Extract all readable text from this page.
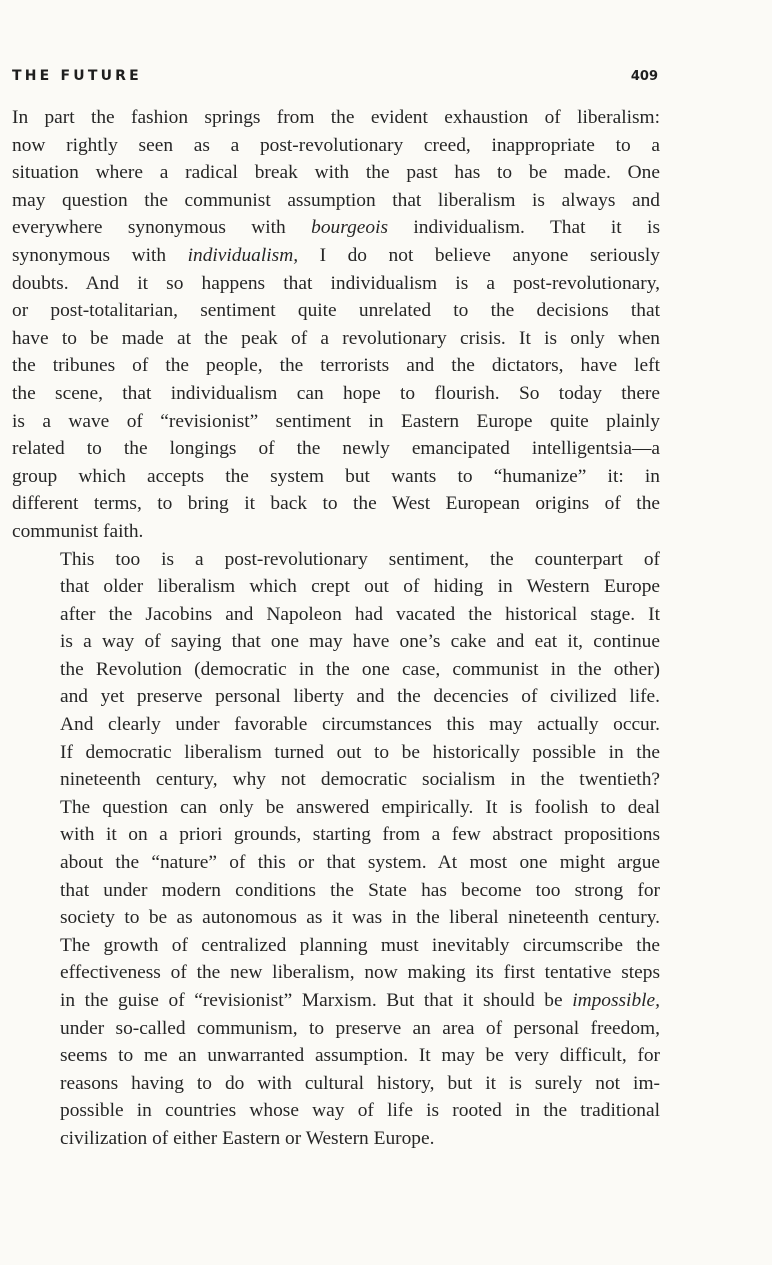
THE FUTURE	409

In part the fashion springs from the evident exhaustion of liberalism:
now rightly seen as a post-revolutionary creed, inappropriate to a
situation where a radical break with the past has to be made. One
may question the communist assumption that liberalism is always and
everywhere synonymous with bourgeois individualism. That it is
synonymous with individualism, I do not believe anyone seriously
doubts. And it so happens that individualism is a post-revolutionary,
or post-totalitarian, sentiment quite unrelated to the decisions that
have to be made at the peak of a revolutionary crisis. It is only when
the tribunes of the people, the terrorists and the dictators, have left
the scene, that individualism can hope to flourish. So today there
is a wave of “revisionist” sentiment in Eastern Europe quite plainly
related to the longings of the newly emancipated intelligentsia—a
group which accepts the system but wants to “humanize” it: in
different terms, to bring it back to the West European origins of the
communist faith.

This too is a post-revolutionary sentiment, the counterpart of
that older liberalism which crept out of hiding in Western Europe
after the Jacobins and Napoleon had vacated the historical stage. It
is a way of saying that one may have one’s cake and eat it, continue
the Revolution (democratic in the one case, communist in the other)
and yet preserve personal liberty and the decencies of civilized life.
And clearly under favorable circumstances this may actually occur.
If democratic liberalism turned out to be historically possible in the
nineteenth century, why not democratic socialism in the twentieth?
The question can only be answered empirically. It is foolish to deal
with it on a priori grounds, starting from a few abstract propositions
about the “nature” of this or that system. At most one might argue
that under modern conditions the State has become too strong for
society to be as autonomous as it was in the liberal nineteenth century.
The growth of centralized planning must inevitably circumscribe the
effectiveness of the new liberalism, now making its first tentative steps
in the guise of “revisionist” Marxism. But that it should be impossible,
under so-called communism, to preserve an area of personal freedom,
seems to me an unwarranted assumption. It may be very difficult, for
reasons having to do with cultural history, but it is surely not im-
possible in countries whose way of life is rooted in the traditional
civilization of either Eastern or Western Europe.
